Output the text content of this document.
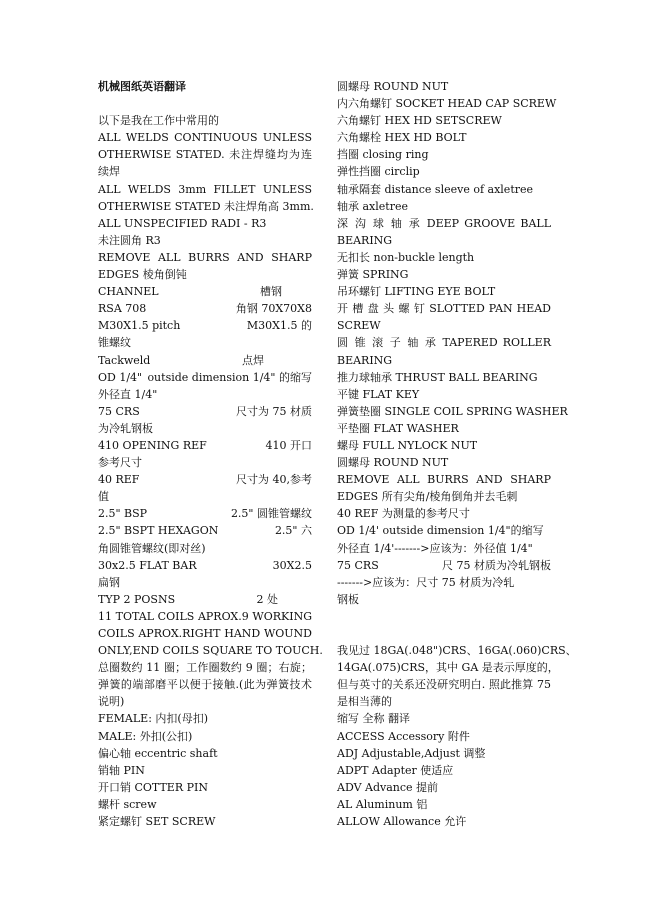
机械图纸英语翻译
以下是我在工作中常用的
ALL WELDS CONTINUOUS UNLESS
OTHERWISE STATED. 未注焊缝均为连
续焊
ALL WELDS 3mm FILLET UNLESS
OTHERWISE STATED 未注焊角高 3mm.
ALL UNSPECIFIED RADI - R3
未注圆角 R3
REMOVE ALL BURRS AND SHARP
EDGES 棱角倒钝
CHANNEL	槽钢
RSA 708	角钢 70X70X8
M30X1.5 pitch	M30X1.5 的
锥螺纹
Tackweld	点焊
OD 1/4" outside dimension 1/4" 的缩写
外径直 1/4"
75 CRS	尺寸为 75 材质
为冷轧钢板
410 OPENING REF	410 开口
参考尺寸
40 REF	尺寸为 40,参考
值
2.5" BSP	2.5" 圆锥管螺纹
2.5" BSPT HEXAGON	2.5" 六
角圆锥管螺纹(即对丝)
30x2.5 FLAT BAR	30X2.5
扁钢
TYP 2 POSNS	2 处
11 TOTAL COILS APROX.9 WORKING
COILS APROX.RIGHT HAND WOUND
ONLY,END COILS SQUARE TO TOUCH.
总圈数约 11 圈；工作圈数约 9 圈；右旋；
弹簧的端部磨平以便于接触.(此为弹簧技术
说明)
FEMALE: 内扣(母扣)
MALE: 外扣(公扣)
偏心轴 eccentric shaft
销轴 PIN
开口销 COTTER PIN
螺杆 screw
紧定螺钉 SET SCREW
圆螺母 ROUND NUT
内六角螺钉 SOCKET HEAD CAP SCREW
六角螺钉 HEX HD SETSCREW
六角螺栓 HEX HD BOLT
挡圈 closing ring
弹性挡圈 circlip
轴承隔套 distance sleeve of axletree
轴承 axletree
深 沟 球 轴 承 DEEP GROOVE BALL
BEARING
无扣长 non-buckle length
弹簧 SPRING
吊环螺钉 LIFTING EYE BOLT
开 槽 盘 头 螺 钉 SLOTTED PAN HEAD
SCREW
圆 锥 滚 子 轴 承 TAPERED ROLLER
BEARING
推力球轴承 THRUST BALL BEARING
平键 FLAT KEY
弹簧垫圈 SINGLE COIL SPRING WASHER
平垫圈 FLAT WASHER
螺母 FULL NYLOCK NUT
圆螺母 ROUND NUT
REMOVE ALL BURRS AND SHARP
EDGES 所有尖角/棱角倒角并去毛刺
40 REF 为测量的参考尺寸
OD 1/4' outside dimension 1/4"的缩写
外径直 1/4'------->应该为：外径值 1/4"
75 CRS	尺 75 材质为冷轧钢板
------->应该为：尺寸 75 材质为冷轧
钢板
我见过 18GA(.048")CRS、16GA(.060)CRS、
14GA(.075)CRS，其中 GA 是表示厚度的，
但与英寸的关系还没研究明白. 照此推算 75
是相当薄的
缩写 全称 翻译
ACCESS Accessory 附件
ADJ Adjustable,Adjust 调整
ADPT Adapter 使适应
ADV Advance 提前
AL Aluminum 铝
ALLOW Allowance 允许
